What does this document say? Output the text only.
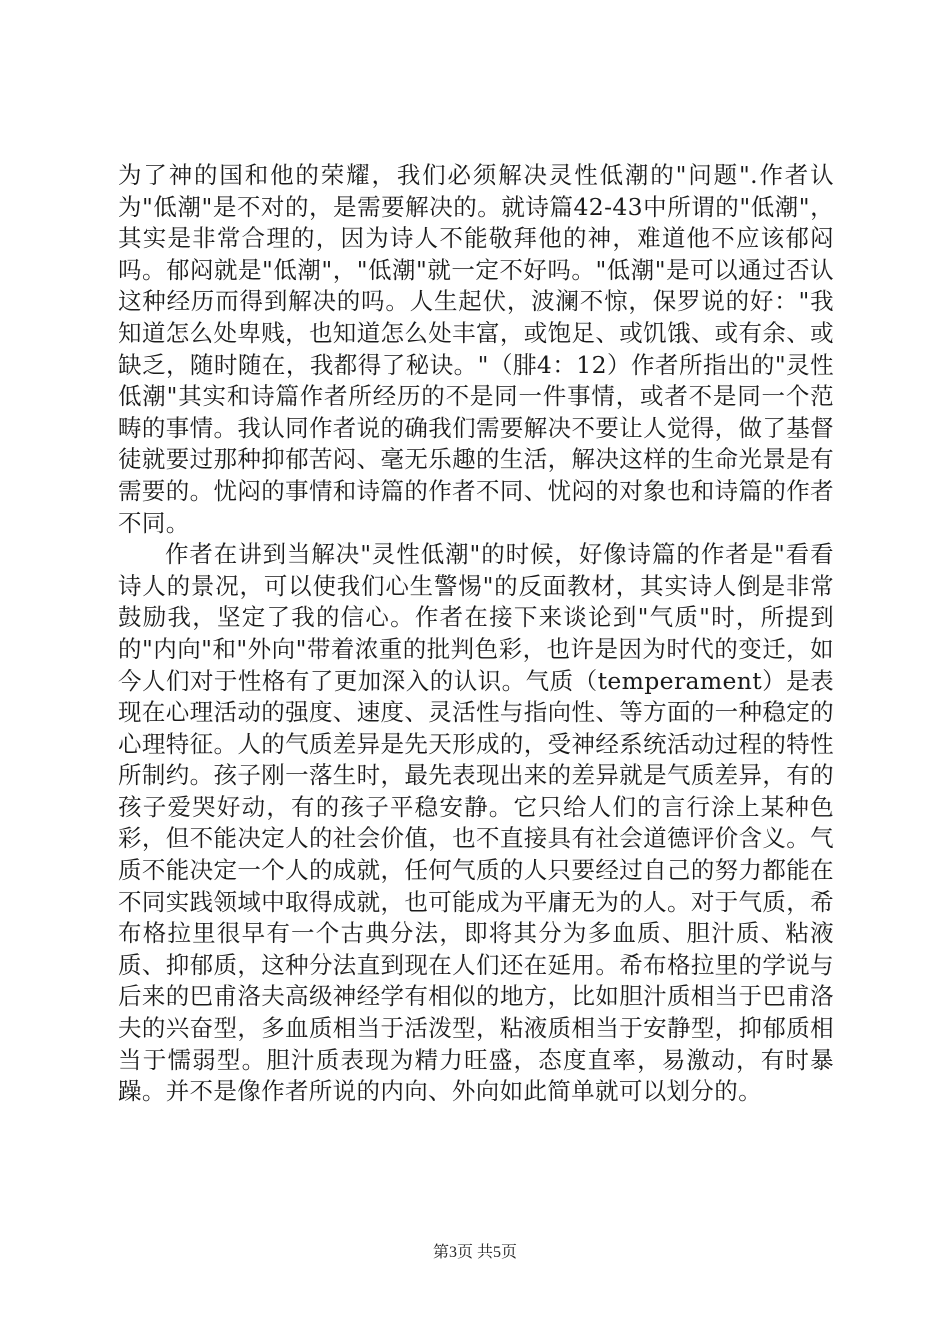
为了神的国和他的荣耀，我们必须解决灵性低潮的"问题".作者认为"低潮"是不对的，是需要解决的。就诗篇42-43中所谓的"低潮"，其实是非常合理的，因为诗人不能敬拜他的神，难道他不应该郁闷吗。郁闷就是"低潮"，"低潮"就一定不好吗。"低潮"是可以通过否认这种经历而得到解决的吗。人生起伏，波澜不惊，保罗说的好："我知道怎么处卑贱，也知道怎么处丰富，或饱足、或饥饿、或有余、或缺乏，随时随在，我都得了秘诀。"（腓4：12）作者所指出的"灵性低潮"其实和诗篇作者所经历的不是同一件事情，或者不是同一个范畴的事情。我认同作者说的确我们需要解决不要让人觉得，做了基督徒就要过那种抑郁苦闷、毫无乐趣的生活，解决这样的生命光景是有需要的。忧闷的事情和诗篇的作者不同、忧闷的对象也和诗篇的作者不同。

作者在讲到当解决"灵性低潮"的时候，好像诗篇的作者是"看看诗人的景况，可以使我们心生警惕"的反面教材，其实诗人倒是非常鼓励我，坚定了我的信心。作者在接下来谈论到"气质"时，所提到的"内向"和"外向"带着浓重的批判色彩，也许是因为时代的变迁，如今人们对于性格有了更加深入的认识。气质（temperament）是表现在心理活动的强度、速度、灵活性与指向性、等方面的一种稳定的心理特征。人的气质差异是先天形成的，受神经系统活动过程的特性所制约。孩子刚一落生时，最先表现出来的差异就是气质差异，有的孩子爱哭好动，有的孩子平稳安静。它只给人们的言行涂上某种色彩，但不能决定人的社会价值，也不直接具有社会道德评价含义。气质不能决定一个人的成就，任何气质的人只要经过自己的努力都能在不同实践领域中取得成就，也可能成为平庸无为的人。对于气质，希布格拉里很早有一个古典分法，即将其分为多血质、胆汁质、粘液质、抑郁质，这种分法直到现在人们还在延用。希布格拉里的学说与后来的巴甫洛夫高级神经学有相似的地方，比如胆汁质相当于巴甫洛夫的兴奋型，多血质相当于活泼型，粘液质相当于安静型，抑郁质相当于懦弱型。胆汁质表现为精力旺盛，态度直率，易激动，有时暴躁。并不是像作者所说的内向、外向如此简单就可以划分的。

第3页 共5页
